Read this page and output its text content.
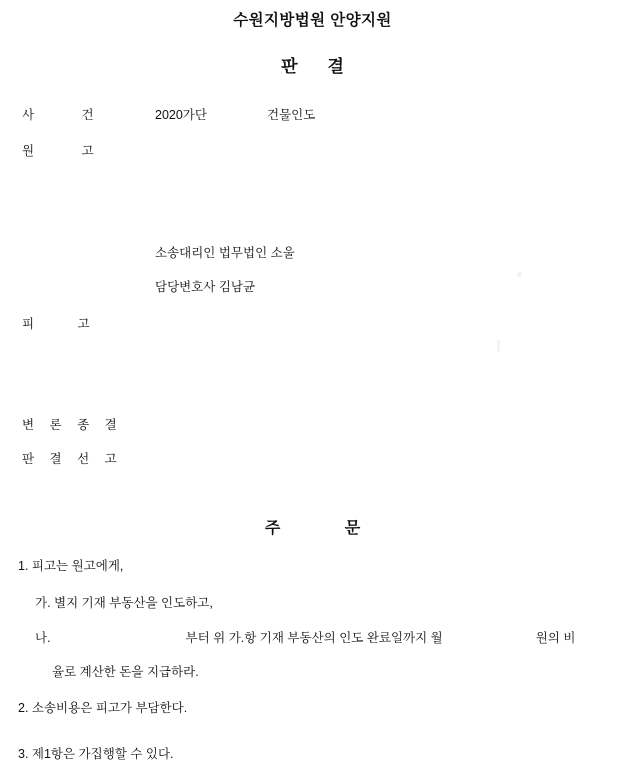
수원지방법원 안양지원
판결
사 건	2020가단	건물인도
원 고
소송대리인 법무법인 소울
담당변호사 김남균
피 고
변 론 종 결
판 결 선 고
주 문
1. 피고는 원고에게,
가. 별지 기재 부동산을 인도하고,
나.	부터 위 가.항 기재 부동산의 인도 완료일까지 월	원의 비
율로 계산한 돈을 지급하라.
2. 소송비용은 피고가 부담한다.
3. 제1항은 가집행할 수 있다.
